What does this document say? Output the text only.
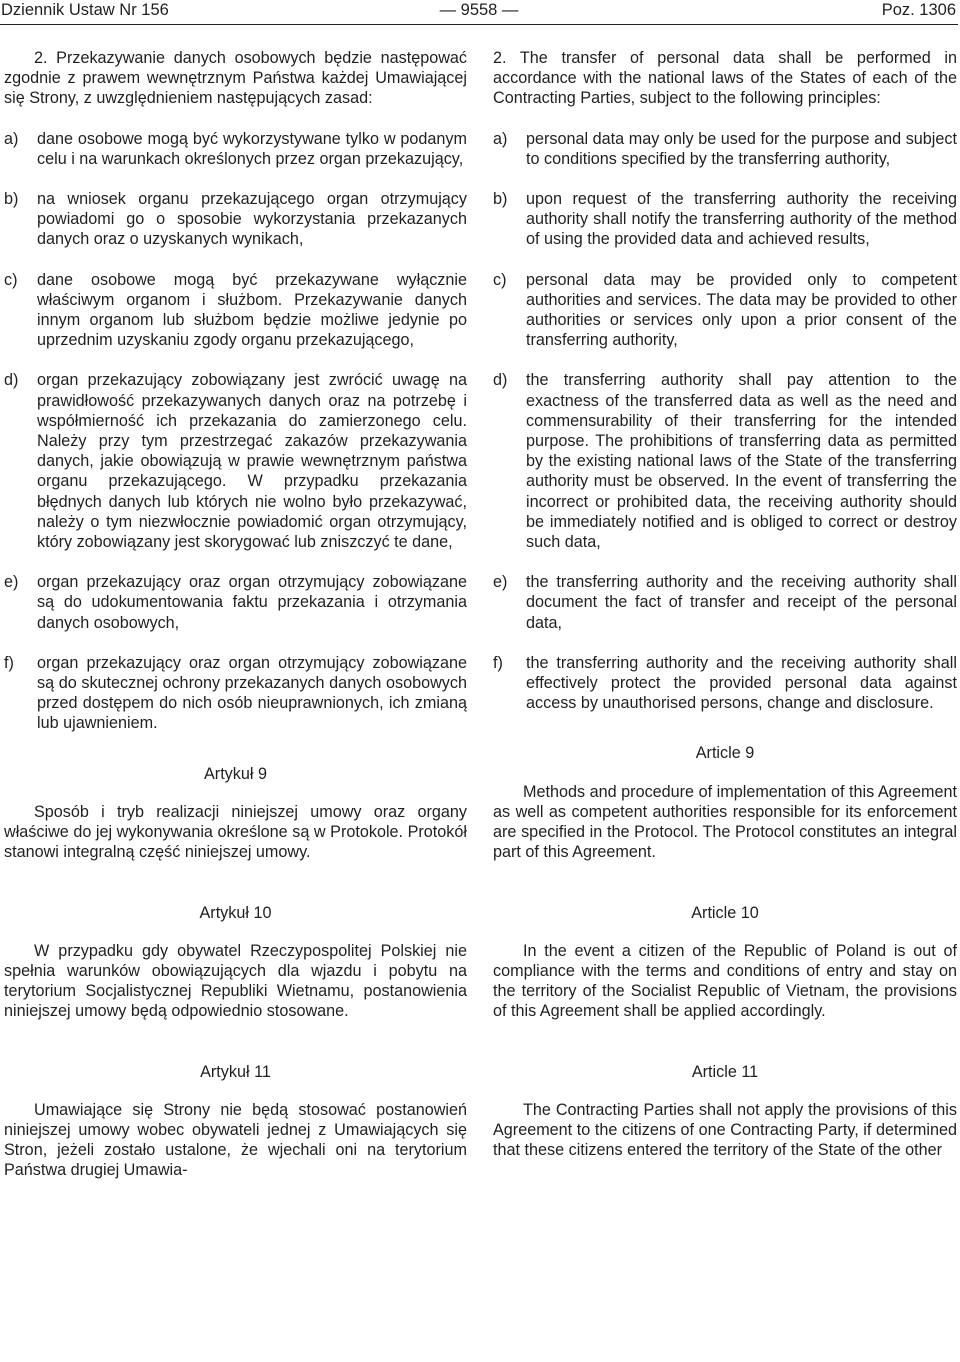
Dziennik Ustaw Nr 156	— 9558 —	Poz. 1306

2. Przekazywanie danych osobowych będzie następować zgodnie z prawem wewnętrznym Państwa każdej Umawiającej się Strony, z uwzględnieniem następujących zasad:

a) dane osobowe mogą być wykorzystywane tylko w podanym celu i na warunkach określonych przez organ przekazujący,

b) na wniosek organu przekazującego organ otrzymujący powiadomi go o sposobie wykorzystania przekazanych danych oraz o uzyskanych wynikach,

c) dane osobowe mogą być przekazywane wyłącznie właściwym organom i służbom. Przekazywanie danych innym organom lub służbom będzie możliwe jedynie po uprzednim uzyskaniu zgody organu przekazującego,

d) organ przekazujący zobowiązany jest zwrócić uwagę na prawidłowość przekazywanych danych oraz na potrzebę i współmierność ich przekazania do zamierzonego celu. Należy przy tym przestrzegać zakazów przekazywania danych, jakie obowiązują w prawie wewnętrznym państwa organu przekazującego. W przypadku przekazania błędnych danych lub których nie wolno było przekazywać, należy o tym niezwłocznie powiadomić organ otrzymujący, który zobowiązany jest skorygować lub zniszczyć te dane,

e) organ przekazujący oraz organ otrzymujący zobowiązane są do udokumentowania faktu przekazania i otrzymania danych osobowych,

f) organ przekazujący oraz organ otrzymujący zobowiązane są do skutecznej ochrony przekazanych danych osobowych przed dostępem do nich osób nieuprawnionych, ich zmianą lub ujawnieniem.

Artykuł 9

Sposób i tryb realizacji niniejszej umowy oraz organy właściwe do jej wykonywania określone są w Protokole. Protokół stanowi integralną część niniejszej umowy.

Artykuł 10

W przypadku gdy obywatel Rzeczypospolitej Polskiej nie spełnia warunków obowiązujących dla wjazdu i pobytu na terytorium Socjalistycznej Republiki Wietnamu, postanowienia niniejszej umowy będą odpowiednio stosowane.

Artykuł 11

Umawiające się Strony nie będą stosować postanowień niniejszej umowy wobec obywateli jednej z Umawiających się Stron, jeżeli zostało ustalone, że wjechali oni na terytorium Państwa drugiej Umawia-

2. The transfer of personal data shall be performed in accordance with the national laws of the States of each of the Contracting Parties, subject to the following principles:

a) personal data may only be used for the purpose and subject to conditions specified by the transferring authority,

b) upon request of the transferring authority the receiving authority shall notify the transferring authority of the method of using the provided data and achieved results,

c) personal data may be provided only to competent authorities and services. The data may be provided to other authorities or services only upon a prior consent of the transferring authority,

d) the transferring authority shall pay attention to the exactness of the transferred data as well as the need and commensurability of their transferring for the intended purpose. The prohibitions of transferring data as permitted by the existing national laws of the State of the transferring authority must be observed. In the event of transferring the incorrect or prohibited data, the receiving authority should be immediately notified and is obliged to correct or destroy such data,

e) the transferring authority and the receiving authority shall document the fact of transfer and receipt of the personal data,

f) the transferring authority and the receiving authority shall effectively protect the provided personal data against access by unauthorised persons, change and disclosure.

Article 9

Methods and procedure of implementation of this Agreement as well as competent authorities responsible for its enforcement are specified in the Protocol. The Protocol constitutes an integral part of this Agreement.

Article 10

In the event a citizen of the Republic of Poland is out of compliance with the terms and conditions of entry and stay on the territory of the Socialist Republic of Vietnam, the provisions of this Agreement shall be applied accordingly.

Article 11

The Contracting Parties shall not apply the provisions of this Agreement to the citizens of one Contracting Party, if determined that these citizens entered the territory of the State of the other
